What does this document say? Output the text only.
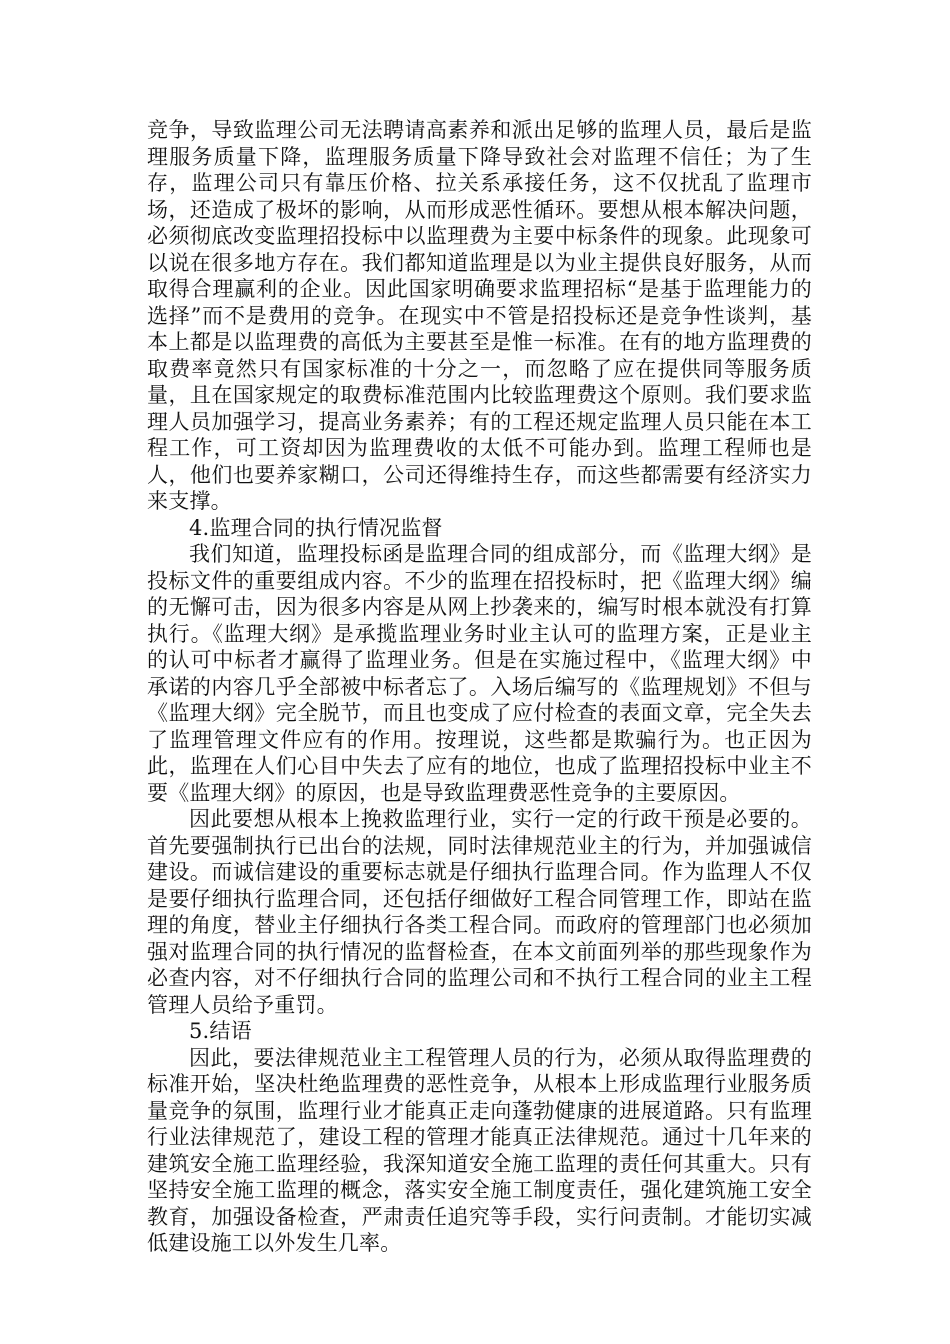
竞争，导致监理公司无法聘请高素养和派出足够的监理人员，最后是监理服务质量下降，监理服务质量下降导致社会对监理不信任；为了生存，监理公司只有靠压价格、拉关系承接任务，这不仅扰乱了监理市场，还造成了极坏的影响，从而形成恶性循环。要想从根本解决问题，必须彻底改变监理招投标中以监理费为主要中标条件的现象。此现象可以说在很多地方存在。我们都知道监理是以为业主提供良好服务，从而取得合理赢利的企业。因此国家明确要求监理招标“是基于监理能力的选择”而不是费用的竞争。在现实中不管是招投标还是竞争性谈判，基本上都是以监理费的高低为主要甚至是惟一标准。在有的地方监理费的取费率竟然只有国家标准的十分之一，而忽略了应在提供同等服务质量，且在国家规定的取费标准范围内比较监理费这个原则。我们要求监理人员加强学习，提高业务素养；有的工程还规定监理人员只能在本工程工作，可工资却因为监理费收的太低不可能办到。监理工程师也是人，他们也要养家糊口，公司还得维持生存，而这些都需要有经济实力来支撑。

4.监理合同的执行情况监督

我们知道，监理投标函是监理合同的组成部分，而《监理大纲》是投标文件的重要组成内容。不少的监理在招投标时，把《监理大纲》编的无懈可击，因为很多内容是从网上抄袭来的，编写时根本就没有打算执行。《监理大纲》是承揽监理业务时业主认可的监理方案，正是业主的认可中标者才赢得了监理业务。但是在实施过程中，《监理大纲》中承诺的内容几乎全部被中标者忘了。入场后编写的《监理规划》不但与《监理大纲》完全脱节，而且也变成了应付检查的表面文章，完全失去了监理管理文件应有的作用。按理说，这些都是欺骗行为。也正因为此，监理在人们心目中失去了应有的地位，也成了监理招投标中业主不要《监理大纲》的原因，也是导致监理费恶性竞争的主要原因。

因此要想从根本上挽救监理行业，实行一定的行政干预是必要的。首先要强制执行已出台的法规，同时法律规范业主的行为，并加强诚信建设。而诚信建设的重要标志就是仔细执行监理合同。作为监理人不仅是要仔细执行监理合同，还包括仔细做好工程合同管理工作，即站在监理的角度，替业主仔细执行各类工程合同。而政府的管理部门也必须加强对监理合同的执行情况的监督检查，在本文前面列举的那些现象作为必查内容，对不仔细执行合同的监理公司和不执行工程合同的业主工程管理人员给予重罚。

5.结语

因此，要法律规范业主工程管理人员的行为，必须从取得监理费的标准开始，坚决杜绝监理费的恶性竞争，从根本上形成监理行业服务质量竞争的氛围，监理行业才能真正走向蓬勃健康的进展道路。只有监理行业法律规范了，建设工程的管理才能真正法律规范。通过十几年来的建筑安全施工监理经验，我深知道安全施工监理的责任何其重大。只有坚持安全施工监理的概念，落实安全施工制度责任，强化建筑施工安全教育，加强设备检查，严肃责任追究等手段，实行问责制。才能切实减低建设施工以外发生几率。
